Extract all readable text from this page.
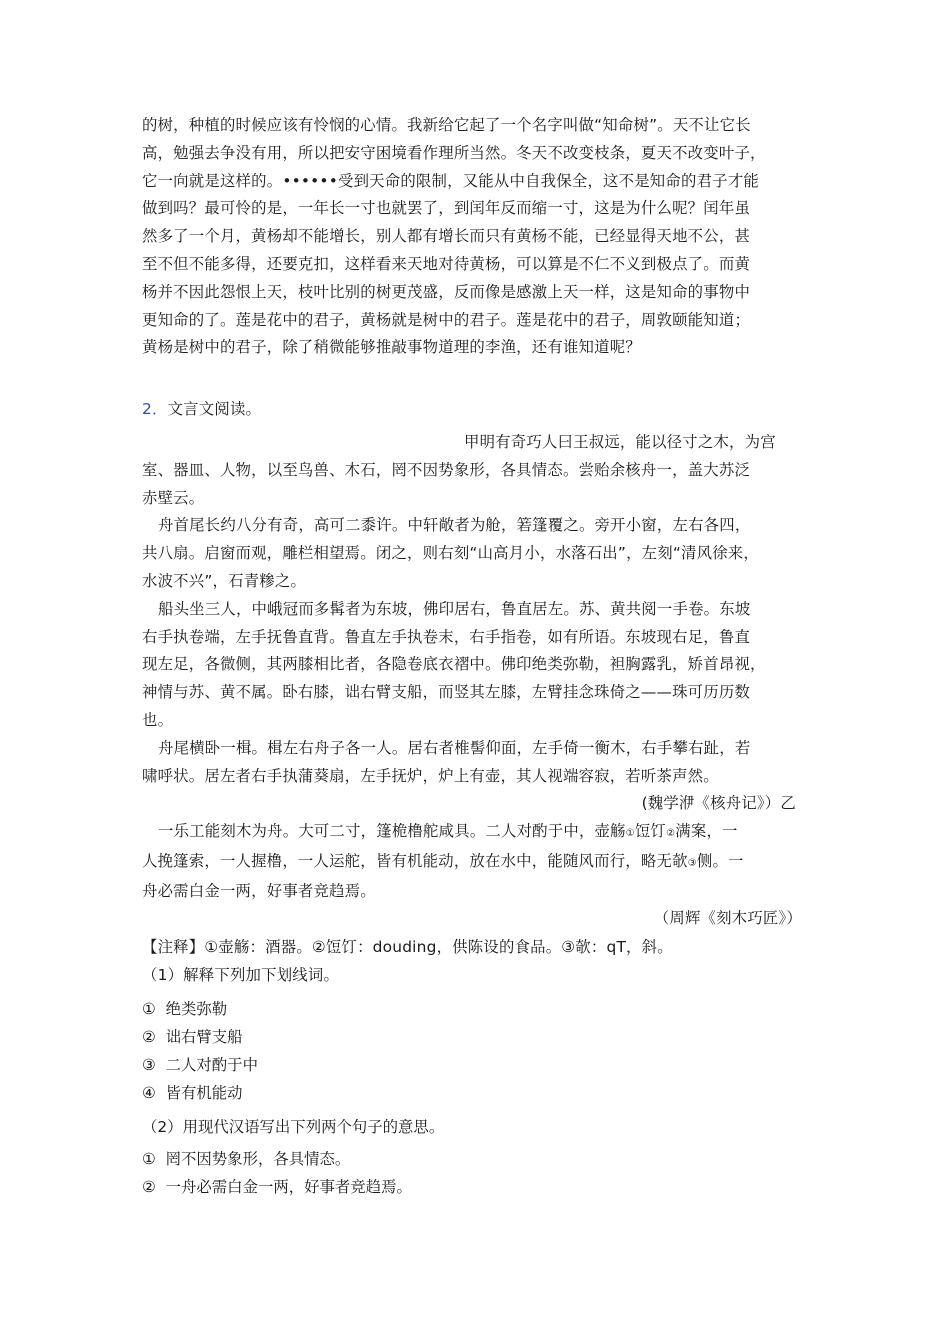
的树，种植的时候应该有怜悯的心情。我新给它起了一个名字叫做“知命树”。天不让它长
高，勉强去争没有用，所以把安守困境看作理所当然。冬天不改变枝条，夏天不改变叶子，
它一向就是这样的。••••••受到天命的限制，又能从中自我保全，这不是知命的君子才能
做到吗？最可怜的是，一年长一寸也就罢了，到闰年反而缩一寸，这是为什么呢？闰年虽
然多了一个月，黄杨却不能增长，别人都有增长而只有黄杨不能，已经显得天地不公，甚
至不但不能多得，还要克扣，这样看来天地对待黄杨，可以算是不仁不义到极点了。而黄
杨并不因此怨恨上天，枝叶比别的树更茂盛，反而像是感激上天一样，这是知命的事物中
更知命的了。莲是花中的君子，黄杨就是树中的君子。莲是花中的君子，周敦颐能知道；
黄杨是树中的君子，除了稍微能够推敲事物道理的李渔，还有谁知道呢？
2．文言文阅读。
甲明有奇巧人曰王叔远，能以径寸之木，为宫
室、器皿、人物，以至鸟兽、木石，罔不因势象形，各具情态。尝贻余核舟一，盖大苏泛
赤壁云。
舟首尾长约八分有奇，高可二黍许。中轩敞者为舱，箬篷覆之。旁开小窗，左右各四，
共八扇。启窗而观，雕栏相望焉。闭之，则右刻“山高月小，水落石出”，左刻“清风徐来，
水波不兴”，石青糁之。
船头坐三人，中峨冠而多髯者为东坡，佛印居右，鲁直居左。苏、黄共阅一手卷。东坡
右手执卷端，左手抚鲁直背。鲁直左手执卷末，右手指卷，如有所语。东坡现右足，鲁直
现左足，各微侧，其两膝相比者，各隐卷底衣褶中。佛印绝类弥勒，袒胸露乳，矫首昂视，
神情与苏、黄不属。卧右膝，诎右臂支船，而竖其左膝，左臂挂念珠倚之——珠可历历数
也。
舟尾横卧一楫。楫左右舟子各一人。居右者椎髻仰面，左手倚一衡木，右手攀右趾，若
啸呼状。居左者右手执蒲葵扇，左手抚炉，炉上有壶，其人视端容寂，若听茶声然。
(魏学洢《核舟记》）乙
一乐工能刻木为舟。大可二寸，篷桅橹舵咸具。二人对酌于中，壶觞①饾饤②满案，一
人挽篷索，一人握橹，一人运舵，皆有机能动，放在水中，能随风而行，略无欹③侧。一
舟必需白金一两，好事者竞趋焉。
（周辉《刻木巧匠》）
【注释】①壶觞：酒器。②饾饤：douding，供陈设的食品。③欹：qT，斜。
（1）解释下列加下划线词。
① 绝类弥勒
② 诎右臂支船
③ 二人对酌于中
④ 皆有机能动
（2）用现代汉语写出下列两个句子的意思。
① 罔不因势象形，各具情态。
② 一舟必需白金一两，好事者竞趋焉。
